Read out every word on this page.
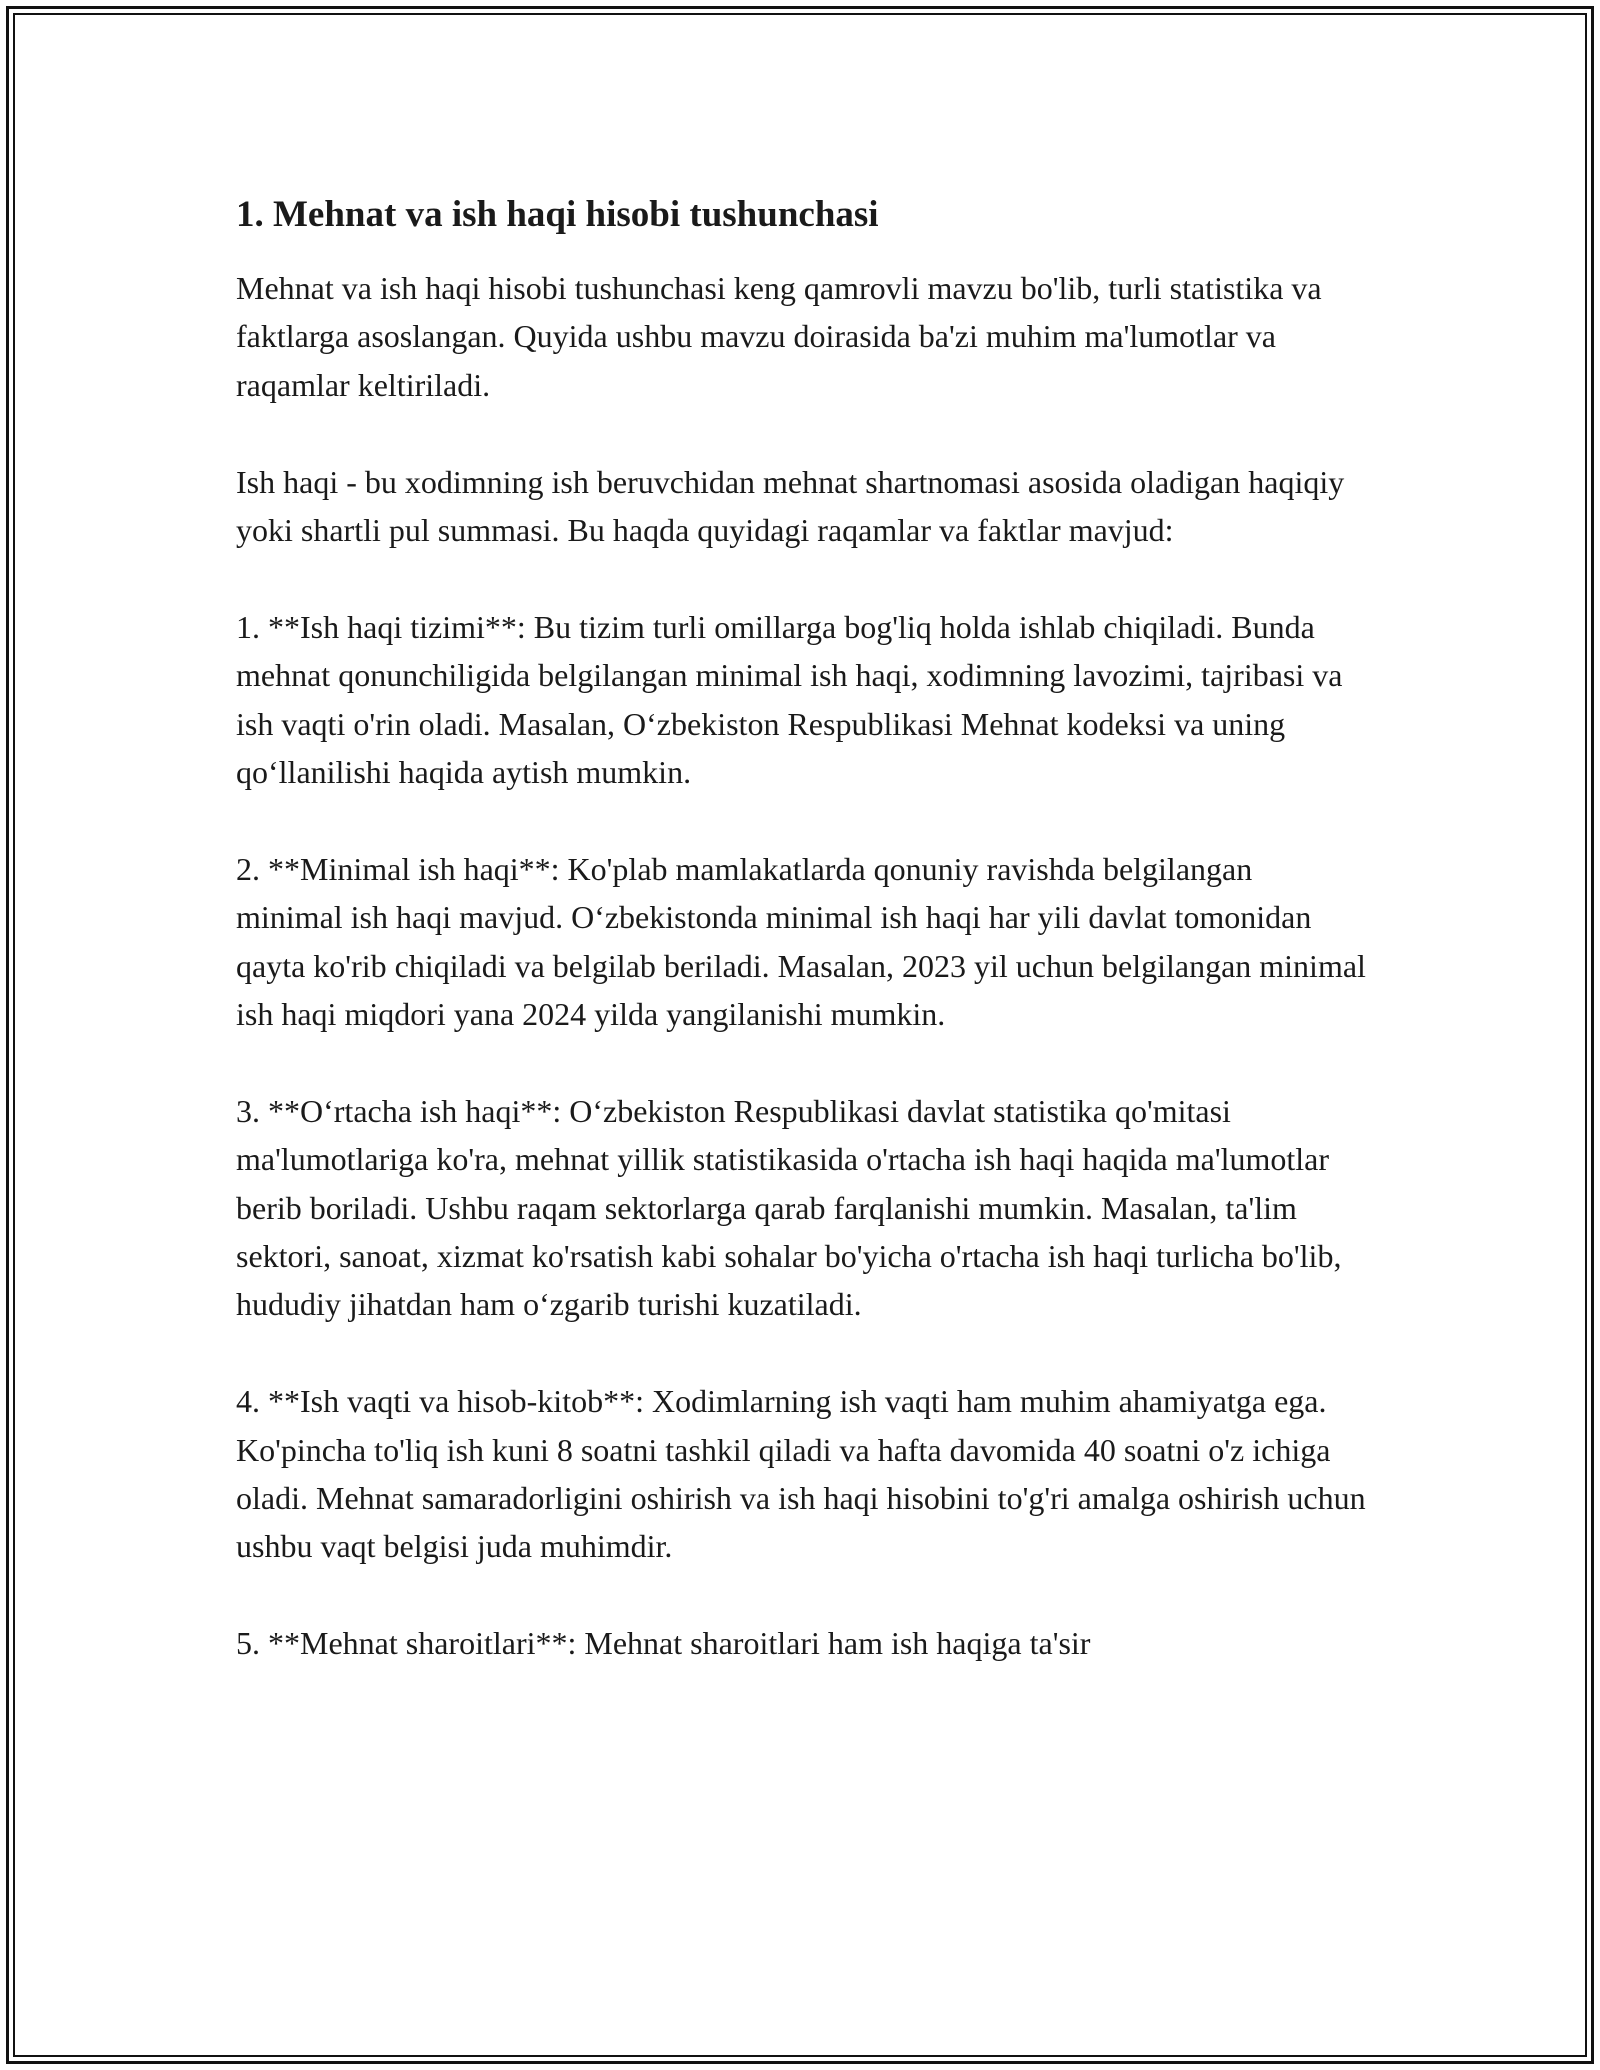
1. Mehnat va ish haqi hisobi tushunchasi

Mehnat va ish haqi hisobi tushunchasi keng qamrovli mavzu bo'lib, turli statistika va faktlarga asoslangan. Quyida ushbu mavzu doirasida ba'zi muhim ma'lumotlar va raqamlar keltiriladi.

Ish haqi - bu xodimning ish beruvchidan mehnat shartnomasi asosida oladigan haqiqiy yoki shartli pul summasi. Bu haqda quyidagi raqamlar va faktlar mavjud:

1. **Ish haqi tizimi**: Bu tizim turli omillarga bog'liq holda ishlab chiqiladi. Bunda mehnat qonunchiligida belgilangan minimal ish haqi, xodimning lavozimi, tajribasi va ish vaqti o'rin oladi. Masalan, O‘zbekiston Respublikasi Mehnat kodeksi va uning qo‘llanilishi haqida aytish mumkin.

2. **Minimal ish haqi**: Ko'plab mamlakatlarda qonuniy ravishda belgilangan minimal ish haqi mavjud. O‘zbekistonda minimal ish haqi har yili davlat tomonidan qayta ko'rib chiqiladi va belgilab beriladi. Masalan, 2023 yil uchun belgilangan minimal ish haqi miqdori yana 2024 yilda yangilanishi mumkin.

3. **O‘rtacha ish haqi**: O‘zbekiston Respublikasi davlat statistika qo'mitasi ma'lumotlariga ko'ra, mehnat yillik statistikasida o'rtacha ish haqi haqida ma'lumotlar berib boriladi. Ushbu raqam sektorlarga qarab farqlanishi mumkin. Masalan, ta'lim sektori, sanoat, xizmat ko'rsatish kabi sohalar bo'yicha o'rtacha ish haqi turlicha bo'lib, hududiy jihatdan ham o‘zgarib turishi kuzatiladi.

4. **Ish vaqti va hisob-kitob**: Xodimlarning ish vaqti ham muhim ahamiyatga ega. Ko'pincha to'liq ish kuni 8 soatni tashkil qiladi va hafta davomida 40 soatni o'z ichiga oladi. Mehnat samaradorligini oshirish va ish haqi hisobini to'g'ri amalga oshirish uchun ushbu vaqt belgisi juda muhimdir.

5. **Mehnat sharoitlari**: Mehnat sharoitlari ham ish haqiga ta'sir
